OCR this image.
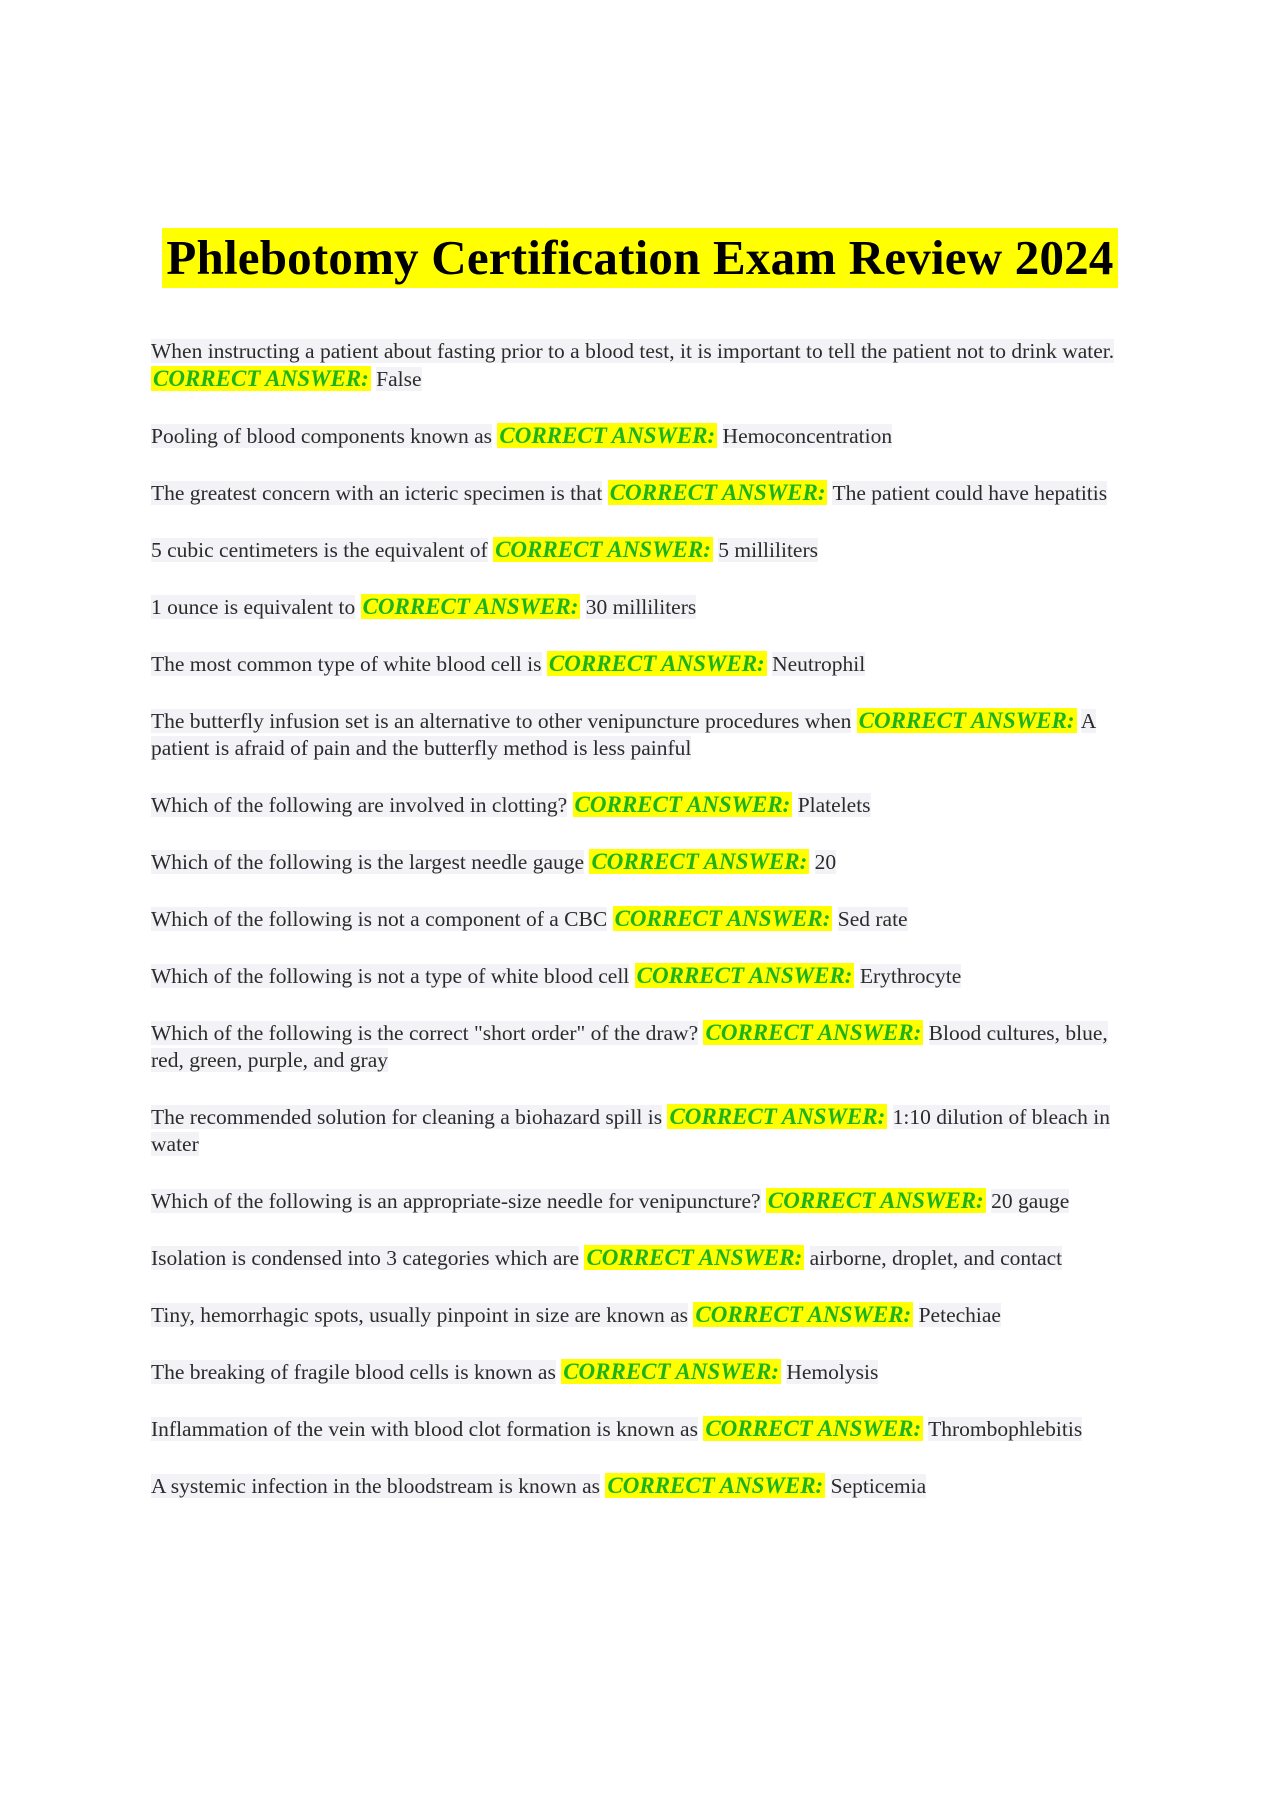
Phlebotomy Certification Exam Review 2024

When instructing a patient about fasting prior to a blood test, it is important to tell the patient not to drink water. CORRECT ANSWER: False

Pooling of blood components known as CORRECT ANSWER: Hemoconcentration

The greatest concern with an icteric specimen is that CORRECT ANSWER: The patient could have hepatitis

5 cubic centimeters is the equivalent of CORRECT ANSWER: 5 milliliters

1 ounce is equivalent to CORRECT ANSWER: 30 milliliters

The most common type of white blood cell is CORRECT ANSWER: Neutrophil

The butterfly infusion set is an alternative to other venipuncture procedures when CORRECT ANSWER: A patient is afraid of pain and the butterfly method is less painful

Which of the following are involved in clotting? CORRECT ANSWER: Platelets

Which of the following is the largest needle gauge CORRECT ANSWER: 20

Which of the following is not a component of a CBC CORRECT ANSWER: Sed rate

Which of the following is not a type of white blood cell CORRECT ANSWER: Erythrocyte

Which of the following is the correct "short order" of the draw? CORRECT ANSWER: Blood cultures, blue, red, green, purple, and gray

The recommended solution for cleaning a biohazard spill is CORRECT ANSWER: 1:10 dilution of bleach in water

Which of the following is an appropriate-size needle for venipuncture? CORRECT ANSWER: 20 gauge

Isolation is condensed into 3 categories which are CORRECT ANSWER: airborne, droplet, and contact

Tiny, hemorrhagic spots, usually pinpoint in size are known as CORRECT ANSWER: Petechiae

The breaking of fragile blood cells is known as CORRECT ANSWER: Hemolysis

Inflammation of the vein with blood clot formation is known as CORRECT ANSWER: Thrombophlebitis

A systemic infection in the bloodstream is known as CORRECT ANSWER: Septicemia
